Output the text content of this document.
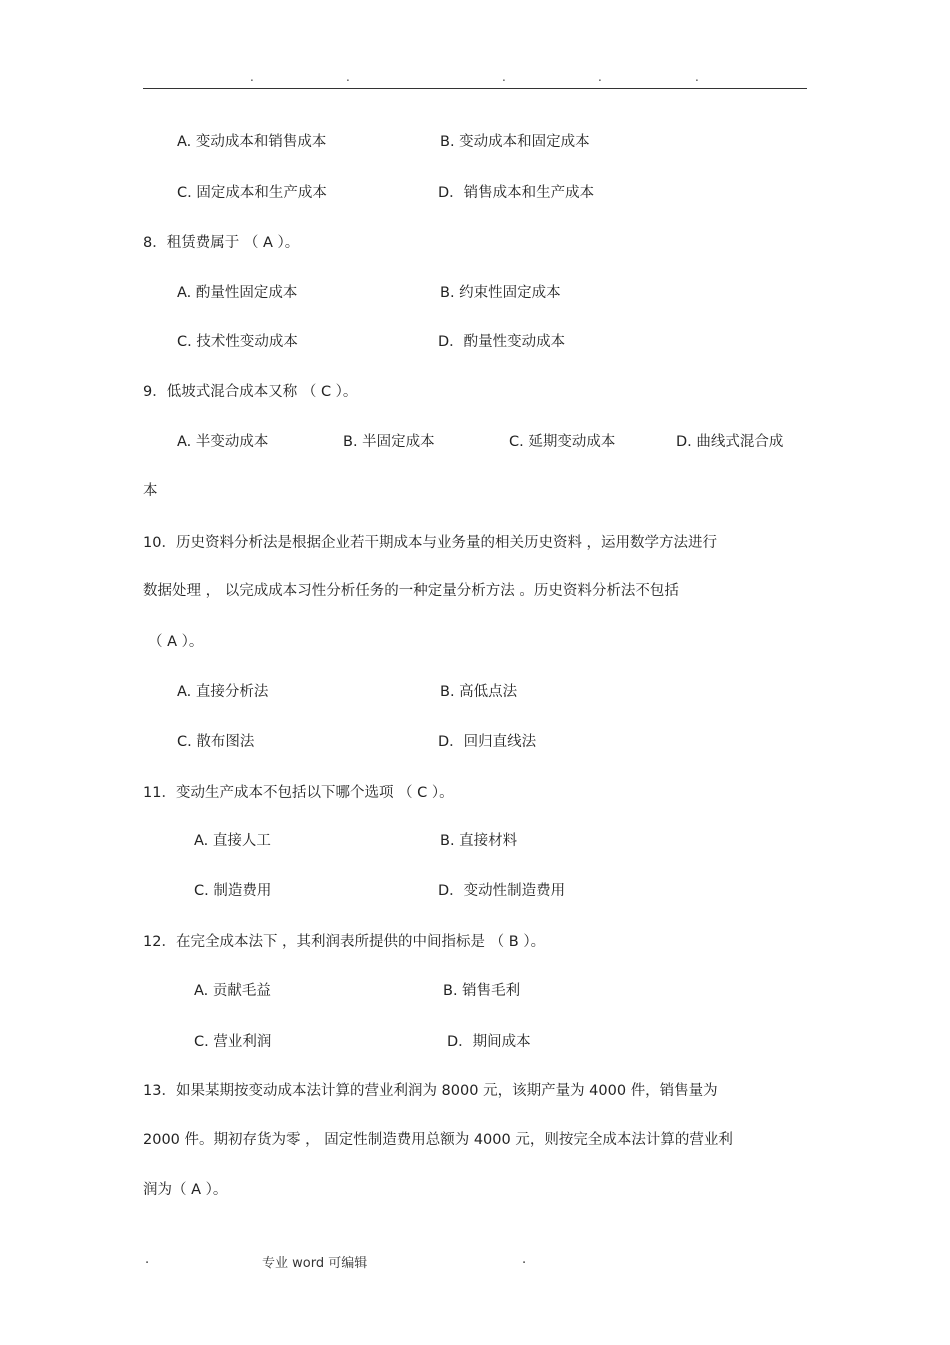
.	.	.	.	.
A. 变动成本和销售成本	B. 变动成本和固定成本
C. 固定成本和生产成本	D．销售成本和生产成本
8．租赁费属于 （ A ）。
A. 酌量性固定成本	B. 约束性固定成本
C. 技术性变动成本	D．酌量性变动成本
9．低坡式混合成本又称 （ C ）。
A. 半变动成本	B. 半固定成本	C. 延期变动成本	D. 曲线式混合成
本
10．历史资料分析法是根据企业若干期成本与业务量的相关历史资料 ，运用数学方法进行
数据处理 ， 以完成成本习性分析任务的一种定量分析方法 。历史资料分析法不包括
（ A ）。
A. 直接分析法	B. 高低点法
C. 散布图法	D．回归直线法
11．变动生产成本不包括以下哪个选项 （ C ）。
A. 直接人工	B. 直接材料
C. 制造费用	D．变动性制造费用
12．在完全成本法下 ，其利润表所提供的中间指标是 （ B ）。
A. 贡献毛益	B. 销售毛利
C. 营业利润	D．期间成本
13．如果某期按变动成本法计算的营业利润为 8000 元，该期产量为 4000 件，销售量为
2000 件。期初存货为零 ， 固定性制造费用总额为 4000 元，则按完全成本法计算的营业利
润为（ A ）。
.	专业 word 可编辑	.
